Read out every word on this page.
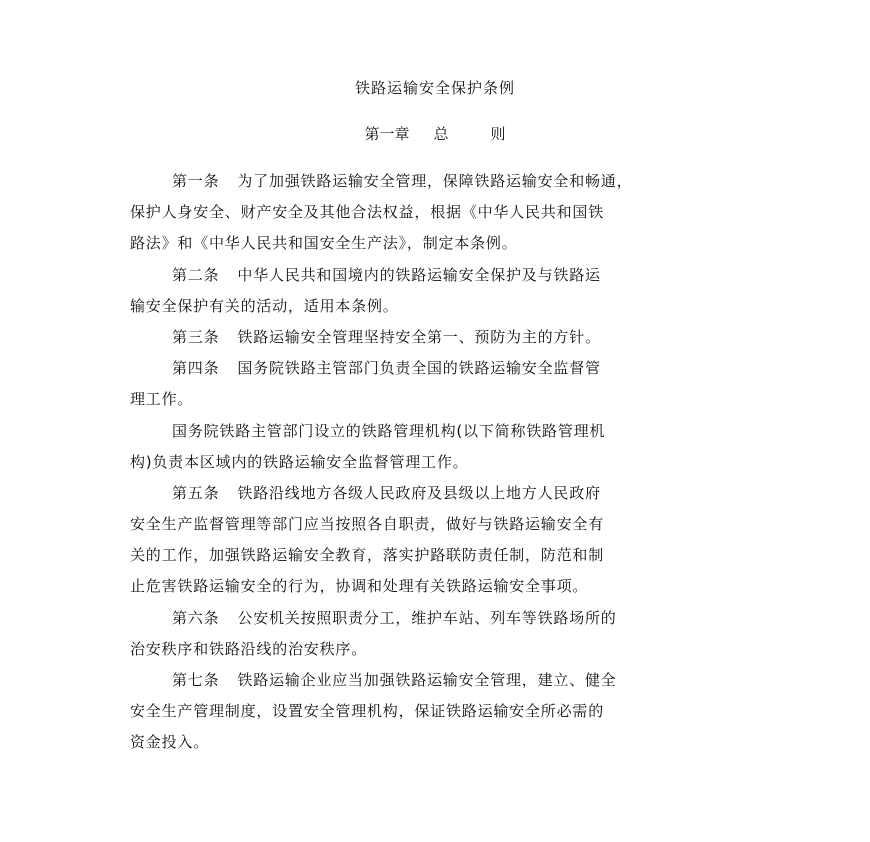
铁路运输安全保护条例
第一章 总	则
第一条 为了加强铁路运输安全管理，保障铁路运输安全和畅通，
保护人身安全、财产安全及其他合法权益，根据《中华人民共和国铁
路法》和《中华人民共和国安全生产法》，制定本条例。
第二条 中华人民共和国境内的铁路运输安全保护及与铁路运
输安全保护有关的活动，适用本条例。
第三条 铁路运输安全管理坚持安全第一、预防为主的方针。
第四条 国务院铁路主管部门负责全国的铁路运输安全监督管
理工作。
国务院铁路主管部门设立的铁路管理机构(以下简称铁路管理机
构)负责本区域内的铁路运输安全监督管理工作。
第五条 铁路沿线地方各级人民政府及县级以上地方人民政府
安全生产监督管理等部门应当按照各自职责，做好与铁路运输安全有
关的工作，加强铁路运输安全教育，落实护路联防责任制，防范和制
止危害铁路运输安全的行为，协调和处理有关铁路运输安全事项。
第六条 公安机关按照职责分工，维护车站、列车等铁路场所的
治安秩序和铁路沿线的治安秩序。
第七条 铁路运输企业应当加强铁路运输安全管理，建立、健全
安全生产管理制度，设置安全管理机构，保证铁路运输安全所必需的
资金投入。
